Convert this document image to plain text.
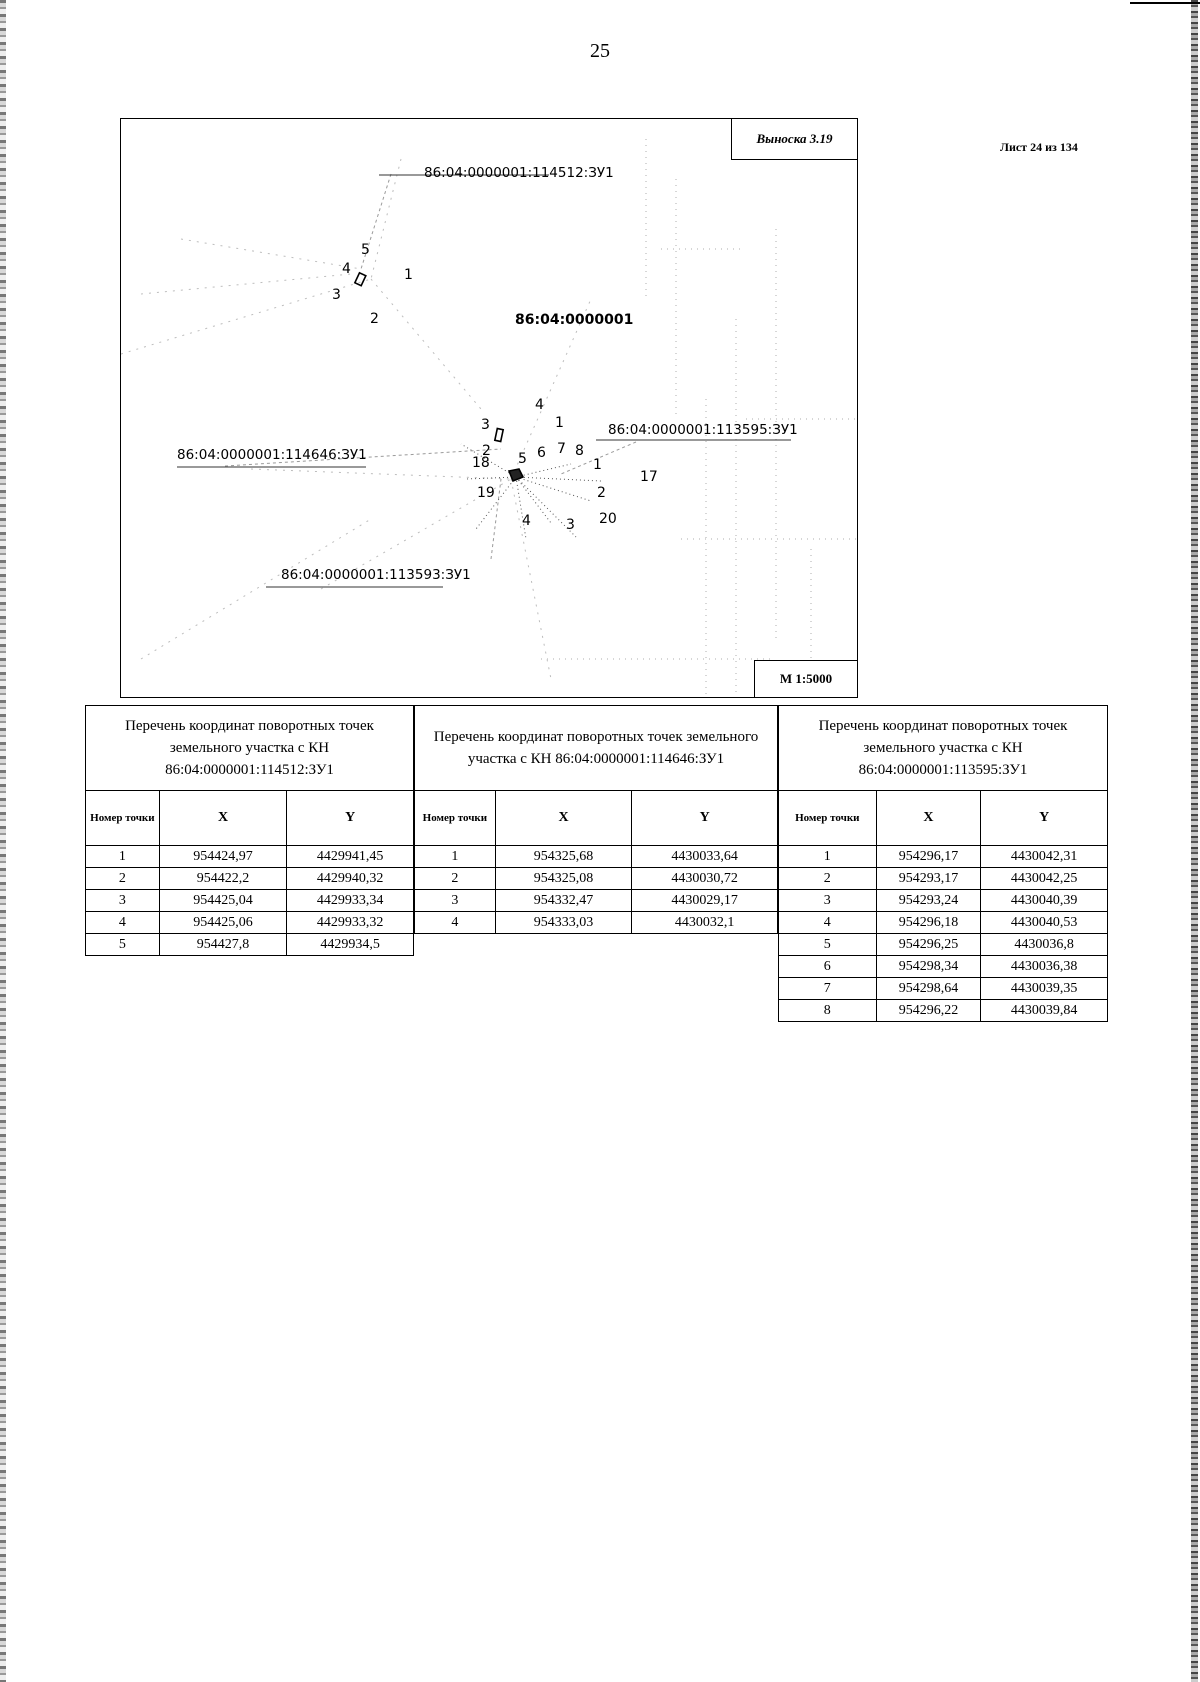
25
Лист 24 из 134
Выноска 3.19
М 1:5000
86:04:0000001:114512:ЗУ1
86:04:0000001
86:04:0000001:114646:ЗУ1
86:04:0000001:113595:ЗУ1
86:04:0000001:113593:ЗУ1
1
2
3
4
5
1
2
3
4
5 6 7 8
1
2
3
4
17
18
19
20
Перечень координат поворотных точек земельного участка с КН 86:04:0000001:114512:ЗУ1		
Номер точки	X	Y
1	954424,97	4429941,45
2	954422,2	4429940,32
3	954425,04	4429933,34
4	954425,06	4429933,32
5	954427,8	4429934,5
Перечень координат поворотных точек земельного участка с КН 86:04:0000001:114646:ЗУ1		
Номер точки	X	Y
1	954325,68	4430033,64
2	954325,08	4430030,72
3	954332,47	4430029,17
4	954333,03	4430032,1
Перечень координат поворотных точек земельного участка с КН 86:04:0000001:113595:ЗУ1		
Номер точки	X	Y
1	954296,17	4430042,31
2	954293,17	4430042,25
3	954293,24	4430040,39
4	954296,18	4430040,53
5	954296,25	4430036,8
6	954298,34	4430036,38
7	954298,64	4430039,35
8	954296,22	4430039,84
